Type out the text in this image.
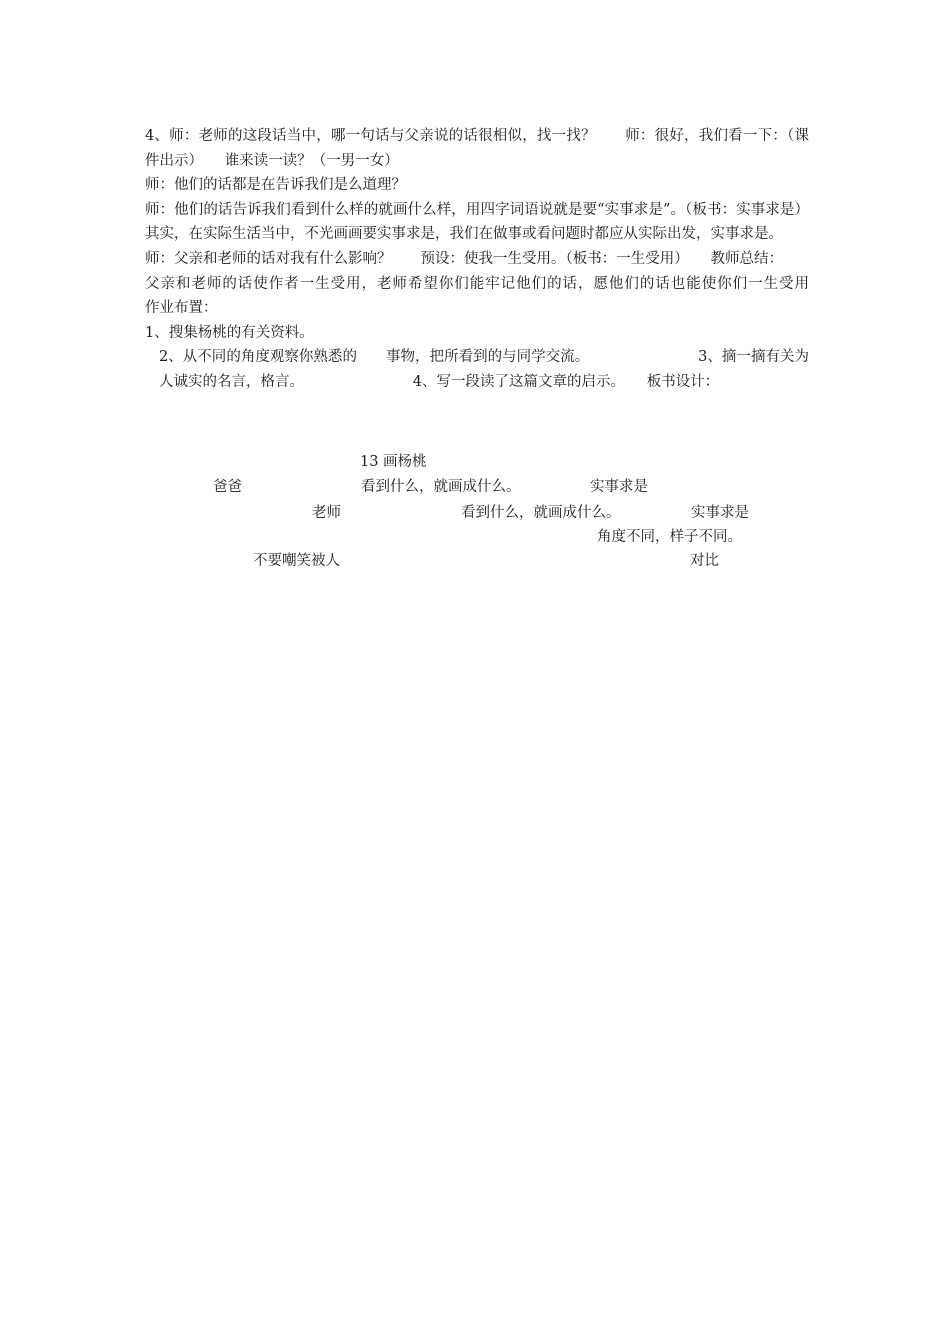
4、师：老师的这段话当中，哪一句话与父亲说的话很相似，找一找？　　师：很好，我们看一下：（课件出示）　　谁来读一读？（一男一女）

师：他们的话都是在告诉我们是么道理？

师：他们的话告诉我们看到什么样的就画什么样，用四字词语说就是要“实事求是”。（板书：实事求是）其实，在实际生活当中，不光画画要实事求是，我们在做事或看问题时都应从实际出发，实事求是。

师：父亲和老师的话对我有什么影响？　　预设：使我一生受用。（板书：一生受用）　　教师总结：

父亲和老师的话使作者一生受用，老师希望你们能牢记他们的话，愿他们的话也能使你们一生受用　　作业布置：

1、搜集杨桃的有关资料。

2、从不同的角度观察你熟悉的　　事物，把所看到的与同学交流。　　　　　　　　3、摘一摘有关为人诚实的名言，格言。　　　　　　　　4、写一段读了这篇文章的启示。　　板书设计：

13 画杨桃
爸爸	看到什么，就画成什么。	实事求是
老师	看到什么，就画成什么。	实事求是
角度不同，样子不同。
不要嘲笑被人	对比
